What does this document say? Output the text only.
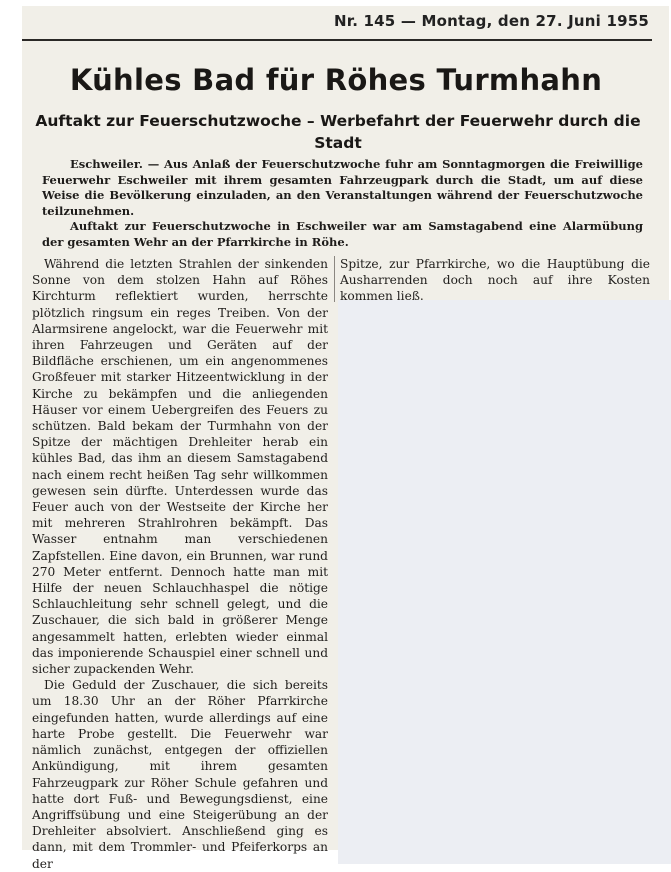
Nr. 145 — Montag, den 27. Juni 1955
Kühles Bad für Röhes Turmhahn
Auftakt zur Feuerschutzwoche – Werbefahrt der Feuerwehr durch die Stadt

Eschweiler. — Aus Anlaß der Feuerschutzwoche fuhr am Sonntagmorgen die Freiwillige Feuerwehr Eschweiler mit ihrem gesamten Fahrzeugpark durch die Stadt, um auf diese Weise die Bevölkerung einzuladen, an den Veranstaltungen während der Feuerschutzwoche teilzunehmen.

Auftakt zur Feuerschutzwoche in Eschweiler war am Samstagabend eine Alarmübung der gesamten Wehr an der Pfarrkirche in Röhe.

Während die letzten Strahlen der sinkenden Sonne von dem stolzen Hahn auf Röhes Kirchturm reflektiert wurden, herrschte plötzlich ringsum ein reges Treiben. Von der Alarmsirene angelockt, war die Feuerwehr mit ihren Fahrzeugen und Geräten auf der Bildfläche erschienen, um ein angenommenes Großfeuer mit starker Hitzeentwicklung in der Kirche zu bekämpfen und die anliegenden Häuser vor einem Uebergreifen des Feuers zu schützen. Bald bekam der Turmhahn von der Spitze der mächtigen Drehleiter herab ein kühles Bad, das ihm an diesem Samstagabend nach einem recht heißen Tag sehr willkommen gewesen sein dürfte. Unterdessen wurde das Feuer auch von der Westseite der Kirche her mit mehreren Strahlrohren bekämpft. Das Wasser entnahm man verschiedenen Zapfstellen. Eine davon, ein Brunnen, war rund 270 Meter entfernt. Dennoch hatte man mit Hilfe der neuen Schlauchhaspel die nötige Schlauchleitung sehr schnell gelegt, und die Zuschauer, die sich bald in größerer Menge angesammelt hatten, erlebten wieder einmal das imponierende Schauspiel einer schnell und sicher zupackenden Wehr.

Die Geduld der Zuschauer, die sich bereits um 18.30 Uhr an der Röher Pfarrkirche eingefunden hatten, wurde allerdings auf eine harte Probe gestellt. Die Feuerwehr war nämlich zunächst, entgegen der offiziellen Ankündigung, mit ihrem gesamten Fahrzeugpark zur Röher Schule gefahren und hatte dort Fuß- und Bewegungsdienst, eine Angriffsübung und eine Steigerübung an der Drehleiter absolviert. Anschließend ging es dann, mit dem Trommler- und Pfeiferkorps an der

Spitze, zur Pfarrkirche, wo die Hauptübung die Ausharrenden doch noch auf ihre Kosten kommen ließ.
